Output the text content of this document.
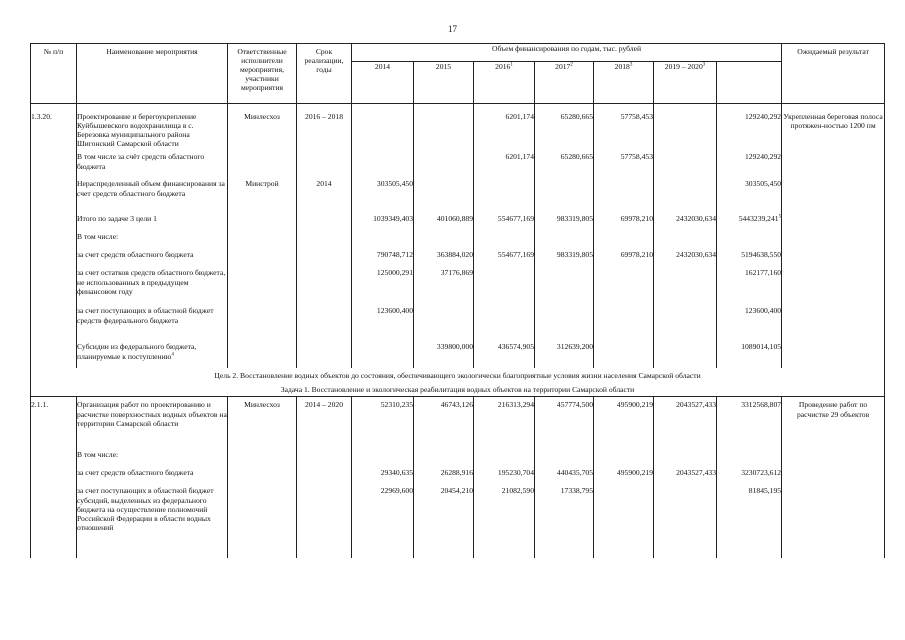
17
№ п/п	Наименование мероприятия	Ответственные исполнители мероприятия, участники мероприятия	Срок реализации, годы	Объем финансирования по годам, тыс. рублей							Ожидаемый результат
				2014	2015	2016$^1$	2017$^2$	2018$^3$	2019 – 2020$^3$	
1.3.20.	Проектирование и берегоукрепление Куйбышевского водохранилища в с. Березовка муниципального района Шигонский Самарской области	Минлесхоз	2016 – 2018			6201,174	65280,665	57758,453		129240,292	Укрепленная береговая полоса протяжен-ностью 1200 пм
	В том числе за счёт средств областного бюджета					6201,174	65280,665	57758,453		129240,292	
	Нераспределенный объем финансирования за счет средств областного бюджета	Минстрой	2014	303505,450						303505,450	
	Итого по задаче 3 цели 1			1039349,403	401060,889	554677,169	983319,805	69978,210	2432030,634	5443239,241$^5$	
	В том числе:										
	за счет средств областного бюджета			790748,712	363884,020	554677,169	983319,805	69978,210	2432030,634	5194638,550	
	за счет остатков средств областного бюджета, не использованных в предыдущем финансовом году			125000,291	37176,869					162177,160	
	за счет поступающих в областной бюджет средств федерального бюджета			123600,400						123600,400	
	Субсидии из федерального бюджета, планируемые к поступлению$^4$				339800,000	436574,905	312639,200			1089014,105	
Цель 2. Восстановление водных объектов до состояния, обеспечивающего экологически благоприятные условия жизни населения Самарской области											
Задача 1. Восстановление и экологическая реабилитация водных объектов на территории Самарской области											
2.1.1.	Организация работ по проектированию и расчистке поверхностных водных объектов на территории Самарской области	Минлесхоз	2014 – 2020	52310,235	46743,126	216313,294	457774,500	495900,219	2043527,433	3312568,807	Проведение работ по расчистке 29 объектов
	В том числе:										
	за счет средств областного бюджета			29340,635	26288,916	195230,704	440435,705	495900,219	2043527,433	3230723,612	
	за счет поступающих в областной бюджет субсидий, выделенных из федерального бюджета на осуществление полномочий Российской Федерации в области водных отношений			22969,600	20454,210	21082,590	17338,795			81845,195	
